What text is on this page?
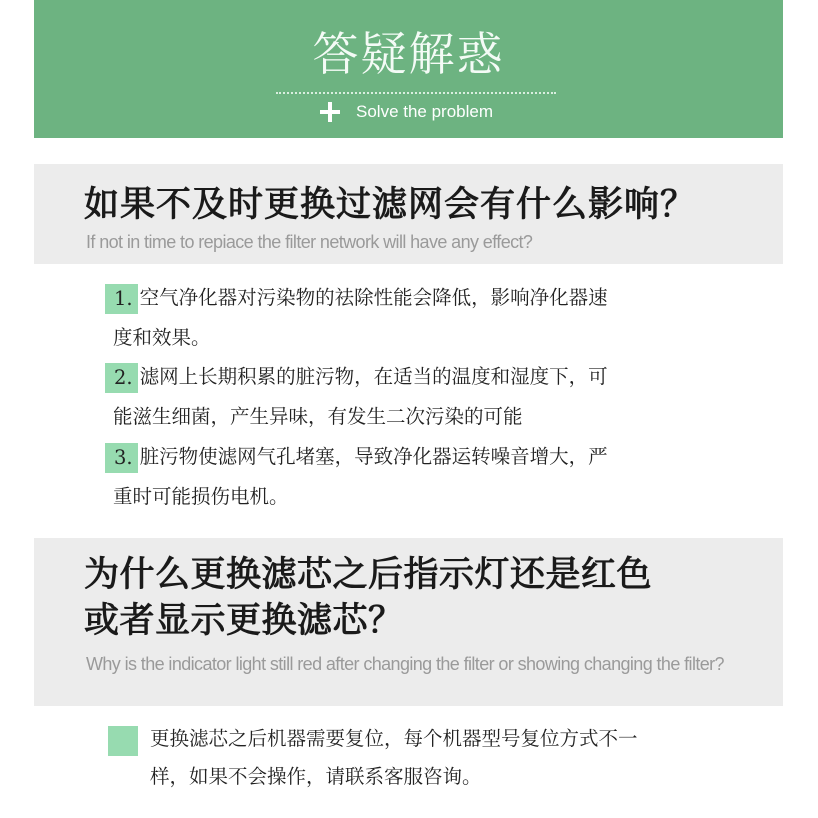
答疑解惑
Solve the problem
如果不及时更换过滤网会有什么影响？
If not in time to repiace the filter network will have any effect?
1. 空气净化器对污染物的祛除性能会降低，影响净化器速
度和效果。
2. 滤网上长期积累的脏污物，在适当的温度和湿度下，可
能滋生细菌，产生异味，有发生二次污染的可能
3. 脏污物使滤网气孔堵塞，导致净化器运转噪音增大，严
重时可能损伤电机。
为什么更换滤芯之后指示灯还是红色
或者显示更换滤芯？
Why is the indicator light still red after changing the filter or showing changing the filter?
更换滤芯之后机器需要复位，每个机器型号复位方式不一
样，如果不会操作，请联系客服咨询。
